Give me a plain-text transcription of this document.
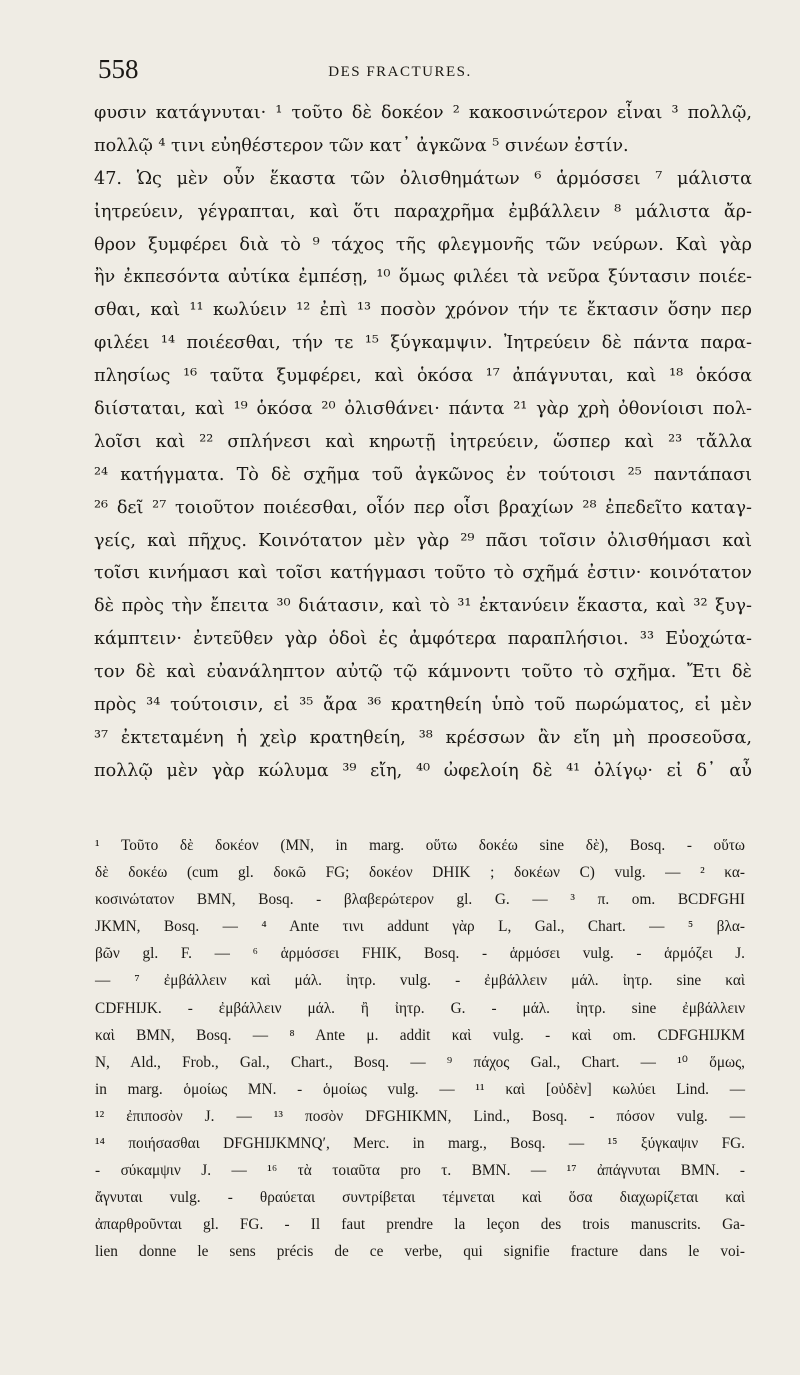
558	DES FRACTURES.
φυσιν κατάγνυται· ¹ τοῦτο δὲ δοκέον ² κακοσινώτερον εἶναι ³ πολλῷ,
πολλῷ ⁴ τινι εὐηθέστερον τῶν κατ᾽ ἀγκῶνα ⁵ σινέων ἐστίν.
47. Ὡς μὲν οὖν ἕκαστα τῶν ὀλισθημάτων ⁶ ἁρμόσσει ⁷ μάλιστα
ἰητρεύειν, γέγραπται, καὶ ὅτι παραχρῆμα ἐμβάλλειν ⁸ μάλιστα ἄρ-
θρον ξυμφέρει διὰ τὸ ⁹ τάχος τῆς φλεγμονῆς τῶν νεύρων. Καὶ γὰρ
ἢν ἐκπεσόντα αὐτίκα ἐμπέσῃ, ¹⁰ ὅμως φιλέει τὰ νεῦρα ξύντασιν ποιέε-
σθαι, καὶ ¹¹ κωλύειν ¹² ἐπὶ ¹³ ποσὸν χρόνον τήν τε ἔκτασιν ὅσην περ
φιλέει ¹⁴ ποιέεσθαι, τήν τε ¹⁵ ξύγκαμψιν. Ἰητρεύειν δὲ πάντα παρα-
πλησίως ¹⁶ ταῦτα ξυμφέρει, καὶ ὁκόσα ¹⁷ ἀπάγνυται, καὶ ¹⁸ ὁκόσα
διίσταται, καὶ ¹⁹ ὁκόσα ²⁰ ὀλισθάνει· πάντα ²¹ γὰρ χρὴ ὀθονίοισι πολ-
λοῖσι καὶ ²² σπλήνεσι καὶ κηρωτῇ ἰητρεύειν, ὥσπερ καὶ ²³ τἄλλα
²⁴ κατήγματα. Τὸ δὲ σχῆμα τοῦ ἀγκῶνος ἐν τούτοισι ²⁵ παντάπασι
²⁶ δεῖ ²⁷ τοιοῦτον ποιέεσθαι, οἷόν περ οἷσι βραχίων ²⁸ ἐπεδεῖτο καταγ-
γείς, καὶ πῆχυς. Κοινότατον μὲν γὰρ ²⁹ πᾶσι τοῖσιν ὀλισθήμασι καὶ
τοῖσι κινήμασι καὶ τοῖσι κατήγμασι τοῦτο τὸ σχῆμά ἐστιν· κοινότατον
δὲ πρὸς τὴν ἔπειτα ³⁰ διάτασιν, καὶ τὸ ³¹ ἐκτανύειν ἕκαστα, καὶ ³² ξυγ-
κάμπτειν· ἐντεῦθεν γὰρ ὁδοὶ ἐς ἀμφότερα παραπλήσιοι. ³³ Εὐοχώτα-
τον δὲ καὶ εὐανάληπτον αὐτῷ τῷ κάμνοντι τοῦτο τὸ σχῆμα. Ἔτι δὲ
πρὸς ³⁴ τούτοισιν, εἰ ³⁵ ἄρα ³⁶ κρατηθείη ὑπὸ τοῦ πωρώματος, εἰ μὲν
³⁷ ἐκτεταμένη ἡ χεὶρ κρατηθείη, ³⁸ κρέσσων ἂν εἴη μὴ προσεοῦσα,
πολλῷ μὲν γὰρ κώλυμα ³⁹ εἴη, ⁴⁰ ὠφελοίη δὲ ⁴¹ ὀλίγῳ· εἰ δ᾽ αὖ
¹ Τοῦτο δὲ δοκέον (MN, in marg. οὕτω δοκέω sine δὲ), Bosq. - οὕτω
δὲ δοκέω (cum gl. δοκῶ FG; δοκέον DHIK ; δοκέων C) vulg. — ² κα-
κοσινώτατον BMN, Bosq. - βλαβερώτερον gl. G. — ³ π. om. BCDFGHI
JKMN, Bosq. — ⁴ Ante τινι addunt γὰρ L, Gal., Chart. — ⁵ βλα-
βῶν gl. F. — ⁶ ἁρμόσσει FHIK, Bosq. - ἁρμόσει vulg. - ἁρμόζει J.
— ⁷ ἐμβάλλειν καὶ μάλ. ἰητρ. vulg. - ἐμβάλλειν μάλ. ἰητρ. sine καὶ
CDFHIJK. - ἐμβάλλειν μάλ. ἢ ἰητρ. G. - μάλ. ἰητρ. sine ἐμβάλλειν
καὶ BMN, Bosq. — ⁸ Ante μ. addit καὶ vulg. - καὶ om. CDFGHIJKM
N, Ald., Frob., Gal., Chart., Bosq. — ⁹ πάχος Gal., Chart. — ¹⁰ ὅμως,
in marg. ὁμοίως MN. - ὁμοίως vulg. — ¹¹ καὶ [οὐδὲν] κωλύει Lind. —
¹² ἐπιποσὸν J. — ¹³ ποσὸν DFGHIKMN, Lind., Bosq. - πόσον vulg. —
¹⁴ ποιήσασθαι DFGHIJKMNQ′, Merc. in marg., Bosq. — ¹⁵ ξύγκαψιν FG.
- σύκαμψιν J. — ¹⁶ τὰ τοιαῦτα pro τ. BMN. — ¹⁷ ἀπάγνυται BMN. -
ἄγνυται vulg. - θραύεται συντρίβεται τέμνεται καὶ ὅσα διαχωρίζεται καὶ
ἀπαρθροῦνται gl. FG. - Il faut prendre la leçon des trois manuscrits. Ga-
lien donne le sens précis de ce verbe, qui signifie fracture dans le voi-
